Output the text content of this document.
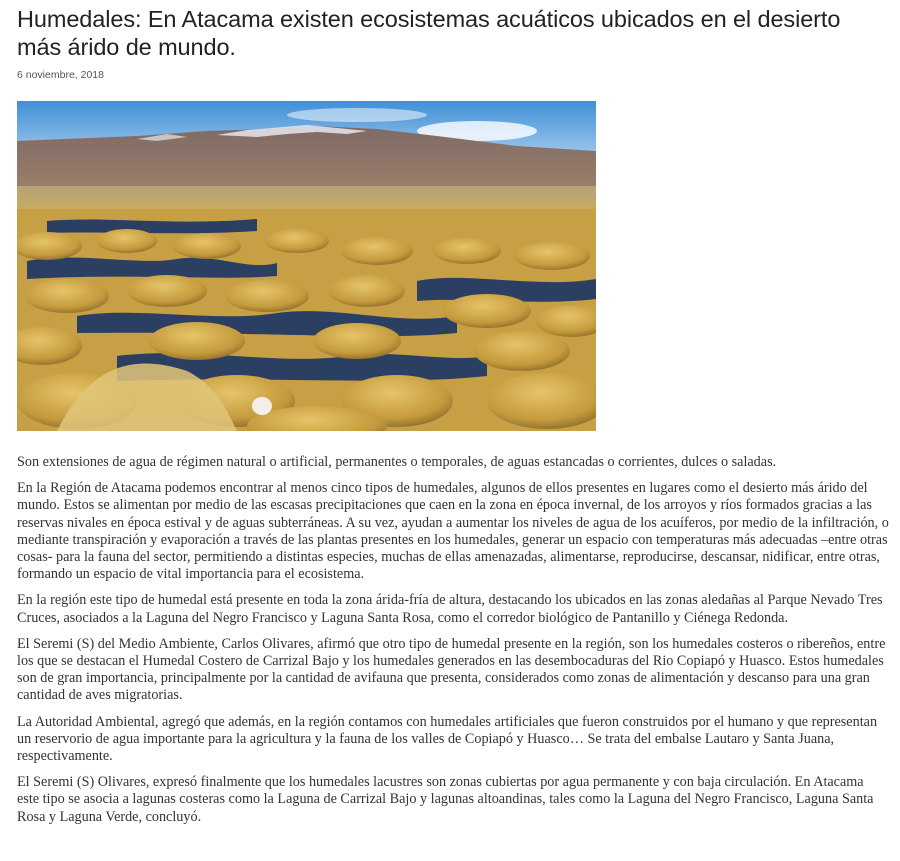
Humedales: En Atacama existen ecosistemas acuáticos ubicados en el desierto más árido de mundo.
6 noviembre, 2018

Son extensiones de agua de régimen natural o artificial, permanentes o temporales, de aguas estancadas o corrientes, dulces o saladas.

En la Región de Atacama podemos encontrar al menos cinco tipos de humedales, algunos de ellos presentes en lugares como el desierto más árido del mundo. Estos se alimentan por medio de las escasas precipitaciones que caen en la zona en época invernal, de los arroyos y ríos formados gracias a las reservas nivales en época estival y de aguas subterráneas. A su vez, ayudan a aumentar los niveles de agua de los acuíferos, por medio de la infiltración, o mediante transpiración y evaporación a través de las plantas presentes en los humedales, generar un espacio con temperaturas más adecuadas –entre otras cosas- para la fauna del sector, permitiendo a distintas especies, muchas de ellas amenazadas, alimentarse, reproducirse, descansar, nidificar, entre otras, formando un espacio de vital importancia para el ecosistema.

En la región este tipo de humedal está presente en toda la zona árida-fría de altura, destacando los ubicados en las zonas aledañas al Parque Nevado Tres Cruces, asociados a la Laguna del Negro Francisco y Laguna Santa Rosa, como el corredor biológico de Pantanillo y Ciénega Redonda.

El Seremi (S) del Medio Ambiente, Carlos Olivares, afirmó que otro tipo de humedal presente en la región, son los humedales costeros o ribereños, entre los que se destacan el Humedal Costero de Carrizal Bajo y los humedales generados en las desembocaduras del Rio Copiapó y Huasco. Estos humedales son de gran importancia, principalmente por la cantidad de avifauna que presenta, considerados como zonas de alimentación y descanso para una gran cantidad de aves migratorias.

La Autoridad Ambiental, agregó que además, en la región contamos con humedales artificiales que fueron construidos por el humano y que representan un reservorio de agua importante para la agricultura y la fauna de los valles de Copiapó y Huasco… Se trata del embalse Lautaro y Santa Juana, respectivamente.

El Seremi (S) Olivares, expresó finalmente que los humedales lacustres son zonas cubiertas por agua permanente y con baja circulación. En Atacama este tipo se asocia a lagunas costeras como la Laguna de Carrizal Bajo y lagunas altoandinas, tales como la Laguna del Negro Francisco, Laguna Santa Rosa y Laguna Verde, concluyó.
